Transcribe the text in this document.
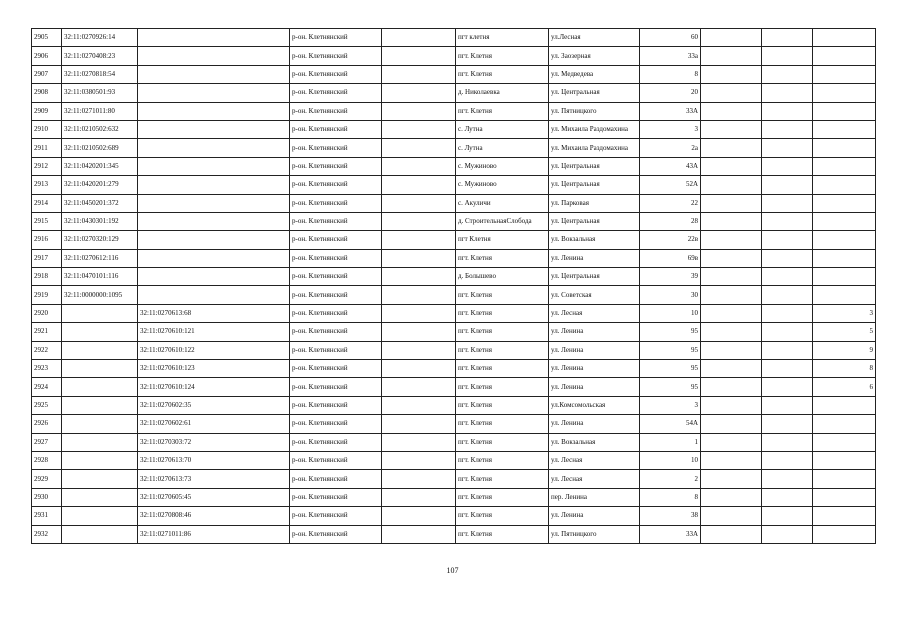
2905	32:11:0270926:14		р-он. Клетнянский		пгт клетня	ул.Лесная	60			
2906	32:11:0270408:23		р-он. Клетнянский		пгт. Клетня	ул. Заозерная	33а			
2907	32:11:0270818:54		р-он. Клетнянский		пгт. Клетня	ул. Медведева	8			
2908	32:11:0380501:93		р-он. Клетнянский		д. Николаевка	ул. Центральная	20			
2909	32:11:0271011:80		р-он. Клетнянский		пгт. Клетня	ул. Пятницкого	33А			
2910	32:11:0210502:632		р-он. Клетнянский		с. Лутна	ул. Михаила Раздомахина	3			
2911	32:11:0210502:689		р-он. Клетнянский		с. Лутна	ул. Михаила Раздомахина	2а			
2912	32:11:0420201:345		р-он. Клетнянский		с. Мужиново	ул. Центральная	43А			
2913	32:11:0420201:279		р-он. Клетнянский		с. Мужиново	ул. Центральная	52А			
2914	32:11:0450201:372		р-он. Клетнянский		с. Акуличи	ул. Парковая	22			
2915	32:11:0430301:192		р-он. Клетнянский		д. СтроительнаяСлобода	ул. Центральная	28			
2916	32:11:0270320:129		р-он. Клетнянский		пгт Клетня	ул. Вокзальная	22в			
2917	32:11:0270612:116		р-он. Клетнянский		пгт. Клетня	ул. Ленина	69в			
2918	32:11:0470101:116		р-он. Клетнянский		д. Болышево	ул. Центральная	39			
2919	32:11:0000000:1095		р-он. Клетнянский		пгт. Клетня	ул. Советская	30			
2920		32:11:0270613:68	р-он. Клетнянский		пгт. Клетня	ул. Лесная	10			3
2921		32:11:0270610:121	р-он. Клетнянский		пгт. Клетня	ул. Ленина	95			5
2922		32:11:0270610:122	р-он. Клетнянский		пгт. Клетня	ул. Ленина	95			9
2923		32:11:0270610:123	р-он. Клетнянский		пгт. Клетня	ул. Ленина	95			8
2924		32:11:0270610:124	р-он. Клетнянский		пгт. Клетня	ул. Ленина	95			6
2925		32:11:0270602:35	р-он. Клетнянский		пгт. Клетня	ул.Комсомольская	3			
2926		32:11:0270602:61	р-он. Клетнянский		пгт. Клетня	ул. Ленина	54А			
2927		32:11:0270303:72	р-он. Клетнянский		пгт. Клетня	ул. Вокзальная	1			
2928		32:11:0270613:70	р-он. Клетнянский		пгт. Клетня	ул. Лесная	10			
2929		32:11:0270613:73	р-он. Клетнянский		пгт. Клетня	ул. Лесная	2			
2930		32:11:0270605:45	р-он. Клетнянский		пгт. Клетня	пер. Ленина	8			
2931		32:11:0270808:46	р-он. Клетнянский		пгт. Клетня	ул. Ленина	38			
2932		32:11:0271011:86	р-он. Клетнянский		пгт. Клетня	ул. Пятницкого	33А			
107
